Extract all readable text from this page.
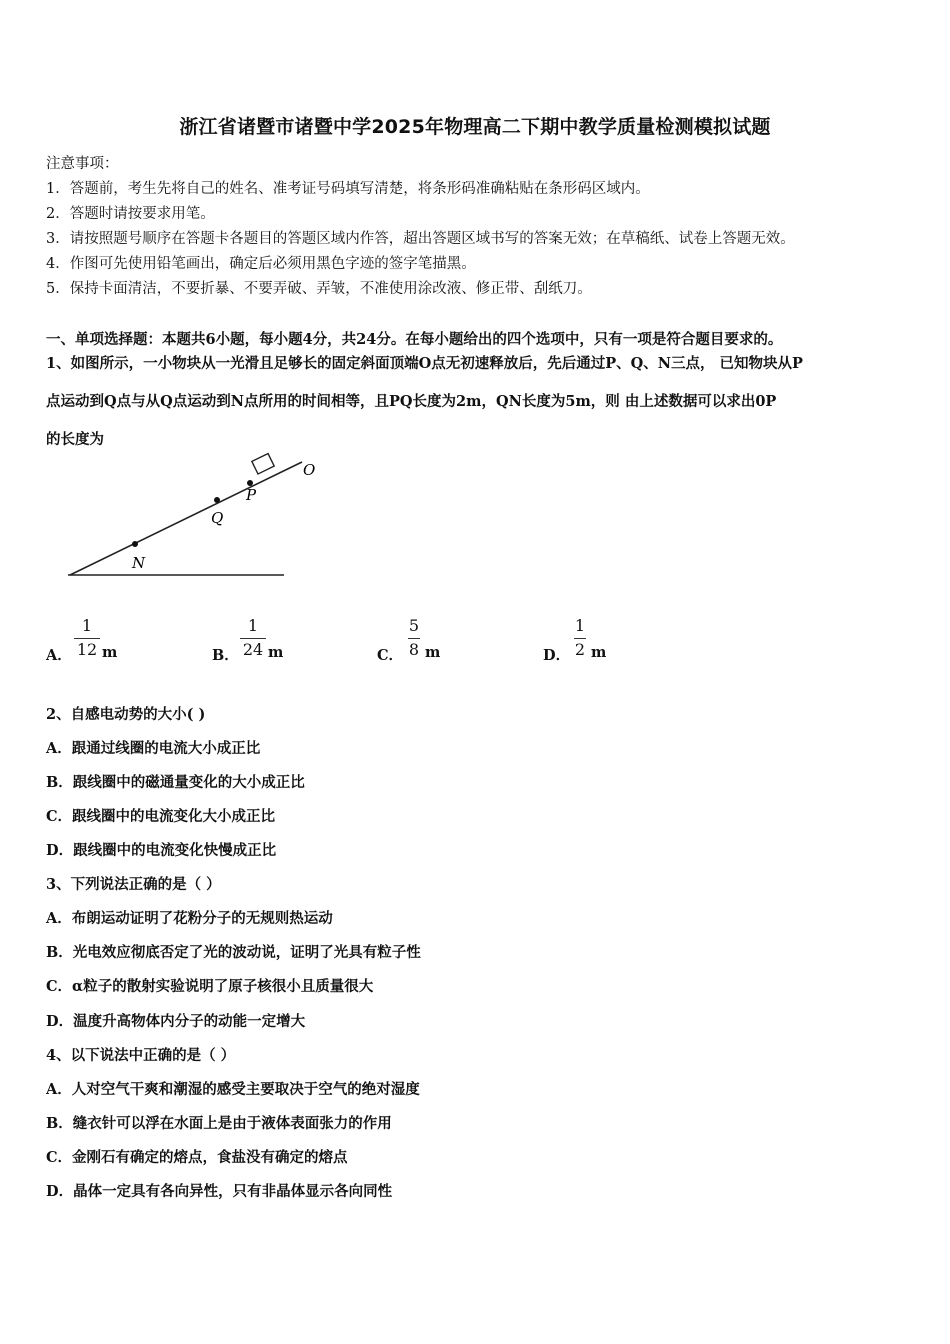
浙江省诸暨市诸暨中学2025年物理高二下期中教学质量检测模拟试题
注意事项：
1．答题前，考生先将自己的姓名、准考证号码填写清楚，将条形码准确粘贴在条形码区域内。
2．答题时请按要求用笔。
3．请按照题号顺序在答题卡各题目的答题区域内作答，超出答题区域书写的答案无效；在草稿纸、试卷上答题无效。
4．作图可先使用铅笔画出，确定后必须用黑色字迹的签字笔描黑。
5．保持卡面清洁，不要折暴、不要弄破、弄皱，不准使用涂改液、修正带、刮纸刀。
一、单项选择题：本题共6小题，每小题4分，共24分。在每小题给出的四个选项中，只有一项是符合题目要求的。
1、如图所示，一小物块从一光滑且足够长的固定斜面顶端O点无初速释放后，先后通过P、Q、N三点， 已知物块从P
点运动到Q点与从Q点运动到N点所用的时间相等，且PQ长度为2m，QN长度为5m，则 由上述数据可以求出0P
的长度为
O
P
Q
N
A．
1
12 m	B．
1
24 m	C．
5
8 m	D．
1
2 m
2、自感电动势的大小( )
A．跟通过线圈的电流大小成正比
B．跟线圈中的磁通量变化的大小成正比
C．跟线圈中的电流变化大小成正比
D．跟线圈中的电流变化快慢成正比
3、下列说法正确的是（ ）
A．布朗运动证明了花粉分子的无规则热运动
B．光电效应彻底否定了光的波动说，证明了光具有粒子性
C．α粒子的散射实验说明了原子核很小且质量很大
D．温度升高物体内分子的动能一定增大
4、以下说法中正确的是（ ）
A．人对空气干爽和潮湿的感受主要取决于空气的绝对湿度
B．缝衣针可以浮在水面上是由于液体表面张力的作用
C．金刚石有确定的熔点，食盐没有确定的熔点
D．晶体一定具有各向异性，只有非晶体显示各向同性
